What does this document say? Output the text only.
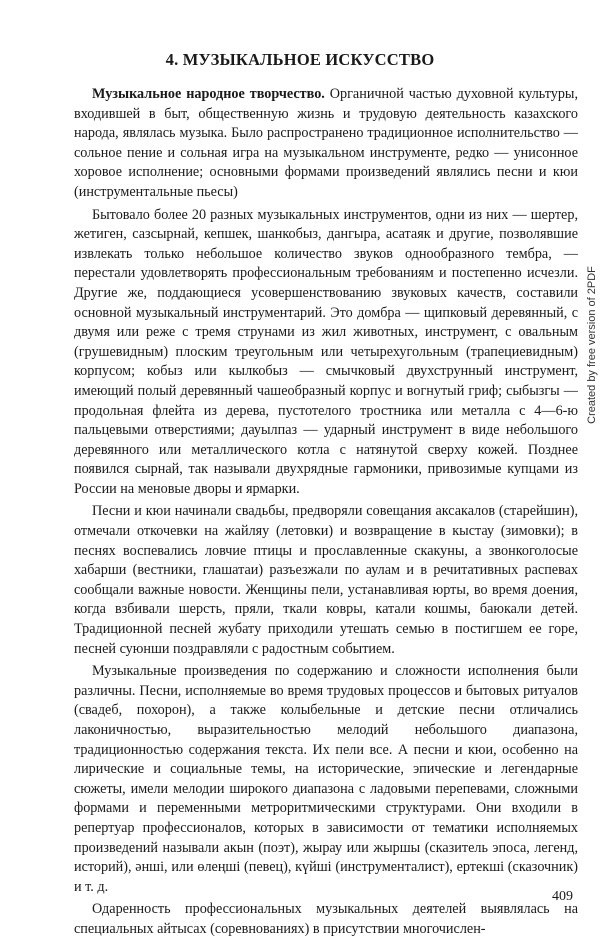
4. МУЗЫКАЛЬНОЕ ИСКУССТВО

Музыкальное народное творчество. Органичной частью духовной культуры, входившей в быт, общественную жизнь и трудовую деятельность казахского народа, являлась музыка. Было распространено традиционное исполнительство — сольное пение и сольная игра на музыкальном инструменте, редко — унисонное хоровое исполнение; основными формами произведений являлись песни и кюи (инструментальные пьесы)

Бытовало более 20 разных музыкальных инструментов, одни из них — шертер, жетиген, сазсырнай, кепшек, шанкобыз, дангыра, асатаяк и другие, позволявшие извлекать только небольшое количество звуков однообразного тембра, — перестали удовлетворять профессиональным требованиям и постепенно исчезли. Другие же, поддающиеся усовершенствованию звуковых качеств, составили основной музыкальный инструментарий. Это домбра — щипковый деревянный, с двумя или реже с тремя струнами из жил животных, инструмент, с овальным (грушевидным) плоским треугольным или четырехугольным (трапециевидным) корпусом; кобыз или кылкобыз — смычковый двухструнный инструмент, имеющий полый деревянный чашеобразный корпус и вогнутый гриф; сыбызгы — продольная флейта из дерева, пустотелого тростника или металла с 4—6-ю пальцевыми отверстиями; дауылпаз — ударный инструмент в виде небольшого деревянного или металлического котла с натянутой сверху кожей. Позднее появился сырнай, так называли двухрядные гармоники, привозимые купцами из России на меновые дворы и ярмарки.

Песни и кюи начинали свадьбы, предворяли совещания аксакалов (старейшин), отмечали откочевки на жайляу (летовки) и возвращение в кыстау (зимовки); в песнях воспевались ловчие птицы и прославленные скакуны, а звонкоголосые хабарши (вестники, глашатаи) разъезжали по аулам и в речитативных распевах сообщали важные новости. Женщины пели, устанавливая юрты, во время доения, когда взбивали шерсть, пряли, ткали ковры, катали кошмы, баюкали детей. Традиционной песней жубату приходили утешать семью в постигшем ее горе, песней суюнши поздравляли с радостным событием.

Музыкальные произведения по содержанию и сложности исполнения были различны. Песни, исполняемые во время трудовых процессов и бытовых ритуалов (свадеб, похорон), а также колыбельные и детские песни отличались лаконичностью, выразительностью мелодий небольшого диапазона, традиционностью содержания текста. Их пели все. А песни и кюи, особенно на лирические и социальные темы, на исторические, эпические и легендарные сюжеты, имели мелодии широкого диапазона с ладовыми перепевами, сложными формами и переменными метроритмическими структурами. Они входили в репертуар профессионалов, которых в зависимости от тематики исполняемых произведений называли акын (поэт), жырау или жыршы (сказитель эпоса, легенд, историй), әнші, или өлеңші (певец), күйші (инструменталист), ертекші (сказочник) и т. д.

Одаренность профессиональных музыкальных деятелей выявлялась на специальных айтысах (соревнованиях) в присутствии многочислен-

409
Created by free version of 2PDF
